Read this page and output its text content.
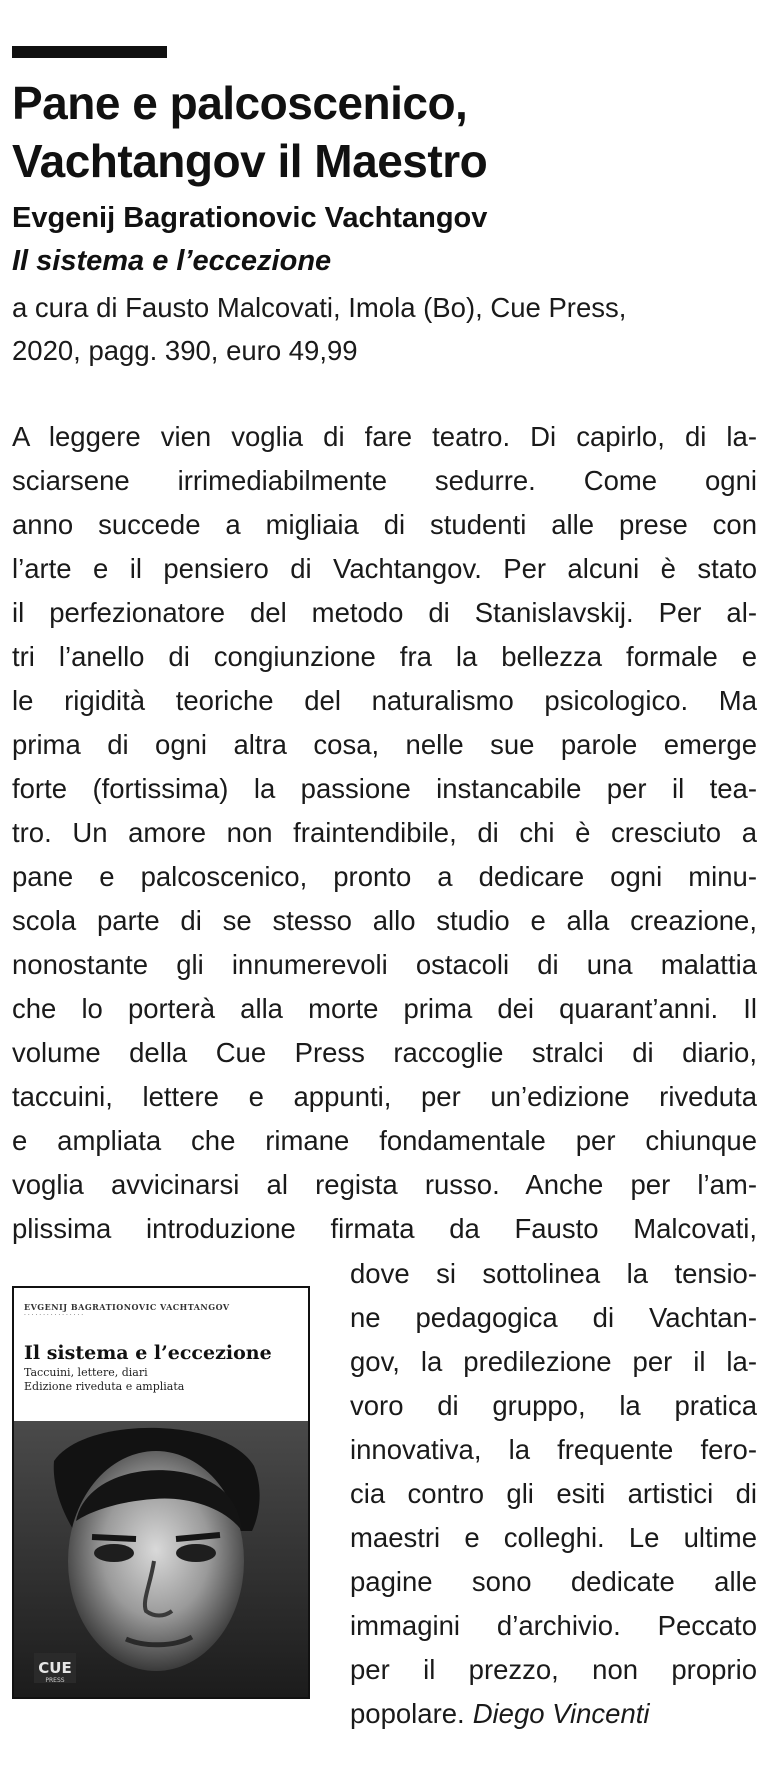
Pane e palcoscenico,
Vachtangov il Maestro
Evgenij Bagrationovic Vachtangov
Il sistema e l’eccezione
a cura di Fausto Malcovati, Imola (Bo), Cue Press,
2020, pagg. 390, euro 49,99
A leggere vien voglia di fare teatro. Di capirlo, di la-
sciarsene irrimediabilmente sedurre. Come ogni
anno succede a migliaia di studenti alle prese con
l’arte e il pensiero di Vachtangov. Per alcuni è stato
il perfezionatore del metodo di Stanislavskij. Per al-
tri l’anello di congiunzione fra la bellezza formale e
le rigidità teoriche del naturalismo psicologico. Ma
prima di ogni altra cosa, nelle sue parole emerge
forte (fortissima) la passione instancabile per il tea-
tro. Un amore non fraintendibile, di chi è cresciuto a
pane e palcoscenico, pronto a dedicare ogni minu-
scola parte di se stesso allo studio e alla creazione,
nonostante gli innumerevoli ostacoli di una malattia
che lo porterà alla morte prima dei quarant’anni. Il
volume della Cue Press raccoglie stralci di diario,
taccuini, lettere e appunti, per un’edizione riveduta
e ampliata che rimane fondamentale per chiunque
voglia avvicinarsi al regista russo. Anche per l’am-
plissima introduzione firmata da Fausto Malcovati,
EVGENIJ BAGRATIONOVIC VACHTANGOV
· · · · · · · · · · · · · · · ·
Il sistema e l’eccezione
Taccuini, lettere, diari
Edizione riveduta e ampliata
CUE
PRESS
dove si sottolinea la tensio-
ne pedagogica di Vachtan-
gov, la predilezione per il la-
voro di gruppo, la pratica
innovativa, la frequente fero-
cia contro gli esiti artistici di
maestri e colleghi. Le ultime
pagine sono dedicate alle
immagini d’archivio. Peccato
per il prezzo, non proprio
popolare. Diego Vincenti
